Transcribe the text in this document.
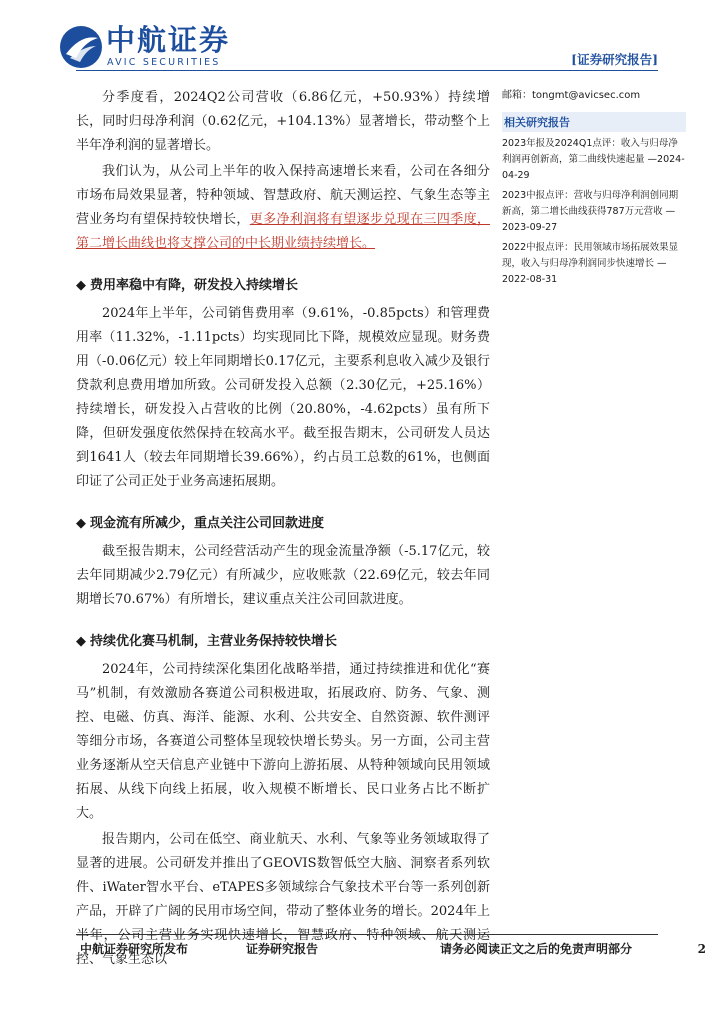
中航证券
AVIC SECURITIES	[证券研究报告]

分季度看，2024Q2公司营收（6.86亿元，+50.93%）持续增长，同时归母净利润（0.62亿元，+104.13%）显著增长，带动整个上半年净利润的显著增长。

我们认为，从公司上半年的收入保持高速增长来看，公司在各细分市场布局效果显著，特种领域、智慧政府、航天测运控、气象生态等主营业务均有望保持较快增长，更多净利润将有望逐步兑现在三四季度，第二增长曲线也将支撑公司的中长期业绩持续增长。

◆ 费用率稳中有降，研发投入持续增长

2024年上半年，公司销售费用率（9.61%，-0.85pcts）和管理费用率（11.32%，-1.11pcts）均实现同比下降，规模效应显现。财务费用（-0.06亿元）较上年同期增长0.17亿元，主要系利息收入减少及银行贷款利息费用增加所致。公司研发投入总额（2.30亿元，+25.16%）持续增长，研发投入占营收的比例（20.80%，-4.62pcts）虽有所下降，但研发强度依然保持在较高水平。截至报告期末，公司研发人员达到1641人（较去年同期增长39.66%），约占员工总数的61%，也侧面印证了公司正处于业务高速拓展期。

◆ 现金流有所减少，重点关注公司回款进度

截至报告期末，公司经营活动产生的现金流量净额（-5.17亿元，较去年同期减少2.79亿元）有所减少，应收账款（22.69亿元，较去年同期增长70.67%）有所增长，建议重点关注公司回款进度。

◆ 持续优化赛马机制，主营业务保持较快增长

2024年，公司持续深化集团化战略举措，通过持续推进和优化“赛马”机制，有效激励各赛道公司积极进取，拓展政府、防务、气象、测控、电磁、仿真、海洋、能源、水利、公共安全、自然资源、软件测评等细分市场，各赛道公司整体呈现较快增长势头。另一方面，公司主营业务逐渐从空天信息产业链中下游向上游拓展、从特种领域向民用领域拓展、从线下向线上拓展，收入规模不断增长、民口业务占比不断扩大。

报告期内，公司在低空、商业航天、水利、气象等业务领域取得了显著的进展。公司研发并推出了GEOVIS数智低空大脑、洞察者系列软件、iWater智水平台、eTAPES多领域综合气象技术平台等一系列创新产品，开辟了广阔的民用市场空间，带动了整体业务的增长。2024年上半年，公司主营业务实现快速增长，智慧政府、特种领域、航天测运控、气象生态以

邮箱：tongmt@avicsec.com
相关研究报告
2023年报及2024Q1点评：收入与归母净利润再创新高，第二曲线快速起量 —2024-04-29
2023中报点评：营收与归母净利润创同期新高，第二增长曲线获得787万元营收 —2023-09-27
2022中报点评：民用领域市场拓展效果显现，收入与归母净利润同步快速增长 —2022-08-31
中航证券研究所发布	证券研究报告	请务必阅读正文之后的免责声明部分	2
